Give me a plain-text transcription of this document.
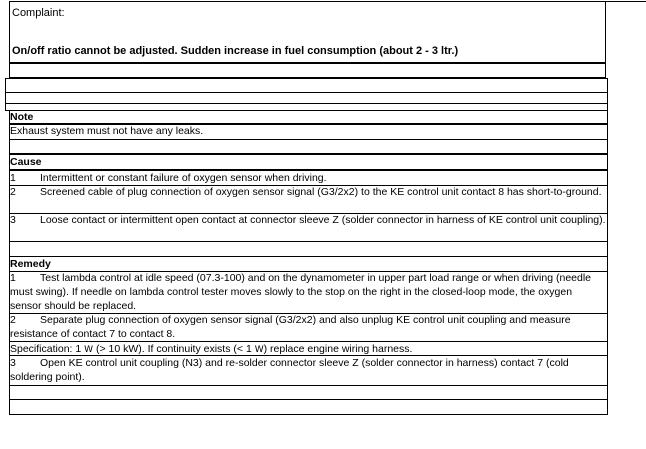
Complaint:
On/off ratio cannot be adjusted. Sudden increase in fuel consumption (about 2 - 3 ltr.)
Note
Exhaust system must not have any leaks.
Cause
1 Intermittent or constant failure of oxygen sensor when driving.
2 Screened cable of plug connection of oxygen sensor signal (G3/2x2) to the KE control unit contact 8 has short-to-ground.
3 Loose contact or intermittent open contact at connector sleeve Z (solder connector in harness of KE control unit coupling).
Remedy
1 Test lambda control at idle speed (07.3-100) and on the dynamometer in upper part load range or when driving (needle must swing). If needle on lambda control tester moves slowly to the stop on the right in the closed-loop mode, the oxygen sensor should be replaced.
2 Separate plug connection of oxygen sensor signal (G3/2x2) and also unplug KE control unit coupling and measure resistance of contact 7 to contact 8.
Specification: 1 W (> 10 kW). If continuity exists (< 1 W) replace engine wiring harness.
3 Open KE control unit coupling (N3) and re-solder connector sleeve Z (solder connector in harness) contact 7 (cold soldering point).
